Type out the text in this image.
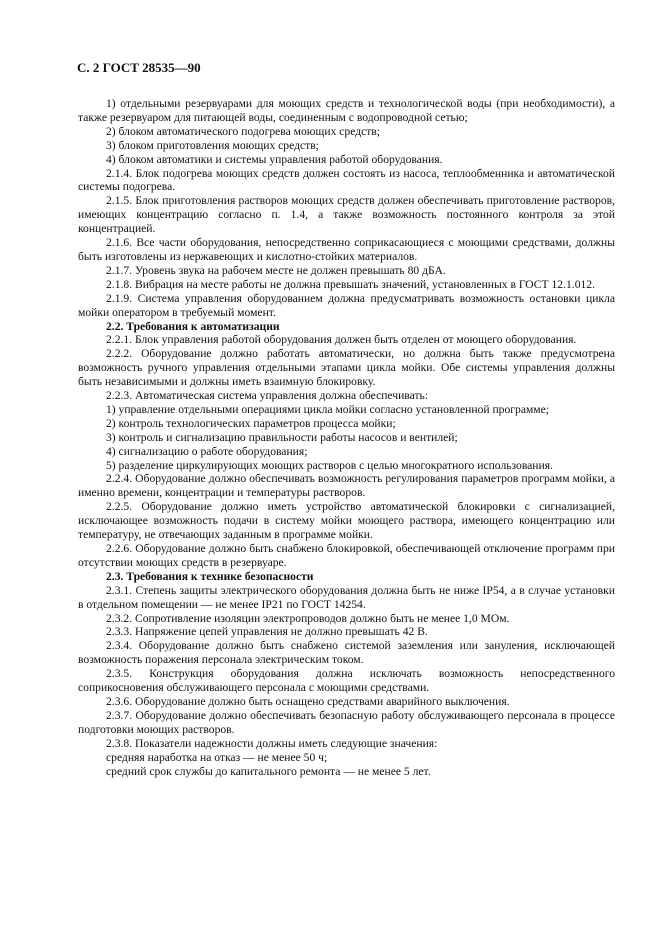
С. 2 ГОСТ 28535—90

1) отдельными резервуарами для моющих средств и технологической воды (при необходимости), а также резервуаром для питающей воды, соединенным с водопроводной сетью;

2) блоком автоматического подогрева моющих средств;

3) блоком приготовления моющих средств;

4) блоком автоматики и системы управления работой оборудования.

2.1.4. Блок подогрева моющих средств должен состоять из насоса, теплообменника и автоматической системы подогрева.

2.1.5. Блок приготовления растворов моющих средств должен обеспечивать приготовление растворов, имеющих концентрацию согласно п. 1.4, а также возможность постоянного контроля за этой концентрацией.

2.1.6. Все части оборудования, непосредственно соприкасающиеся с моющими средствами, должны быть изготовлены из нержавеющих и кислотно-стойких материалов.

2.1.7. Уровень звука на рабочем месте не должен превышать 80 дБА.

2.1.8. Вибрация на месте работы не должна превышать значений, установленных в ГОСТ 12.1.012.

2.1.9. Система управления оборудованием должна предусматривать возможность остановки цикла мойки оператором в требуемый момент.

2.2. Требования к автоматизации

2.2.1. Блок управления работой оборудования должен быть отделен от моющего оборудования.

2.2.2. Оборудование должно работать автоматически, но должна быть также предусмотрена возможность ручного управления отдельными этапами цикла мойки. Обе системы управления должны быть независимыми и должны иметь взаимную блокировку.

2.2.3. Автоматическая система управления должна обеспечивать:

1) управление отдельными операциями цикла мойки согласно установленной программе;

2) контроль технологических параметров процесса мойки;

3) контроль и сигнализацию правильности работы насосов и вентилей;

4) сигнализацию о работе оборудования;

5) разделение циркулирующих моющих растворов с целью многократного использования.

2.2.4. Оборудование должно обеспечивать возможность регулирования параметров программ мойки, а именно времени, концентрации и температуры растворов.

2.2.5. Оборудование должно иметь устройство автоматической блокировки с сигнализацией, исключающее возможность подачи в систему мойки моющего раствора, имеющего концентрацию или температуру, не отвечающих заданным в программе мойки.

2.2.6. Оборудование должно быть снабжено блокировкой, обеспечивающей отключение программ при отсутствии моющих средств в резервуаре.

2.3. Требования к технике безопасности

2.3.1. Степень защиты электрического оборудования должна быть не ниже IP54, а в случае установки в отдельном помещении — не менее IP21 по ГОСТ 14254.

2.3.2. Сопротивление изоляции электропроводов должно быть не менее 1,0 МОм.

2.3.3. Напряжение цепей управления не должно превышать 42 В.

2.3.4. Оборудование должно быть снабжено системой заземления или зануления, исключающей возможность поражения персонала электрическим током.

2.3.5. Конструкция оборудования должна исключать возможность непосредственного соприкосновения обслуживающего персонала с моющими средствами.

2.3.6. Оборудование должно быть оснащено средствами аварийного выключения.

2.3.7. Оборудование должно обеспечивать безопаcную работу обслуживающего персонала в процессе подготовки моющих растворов.

2.3.8. Показатели надежности должны иметь следующие значения:

средняя наработка на отказ — не менее 50 ч;

средний срок службы до капитального ремонта — не менее 5 лет.
